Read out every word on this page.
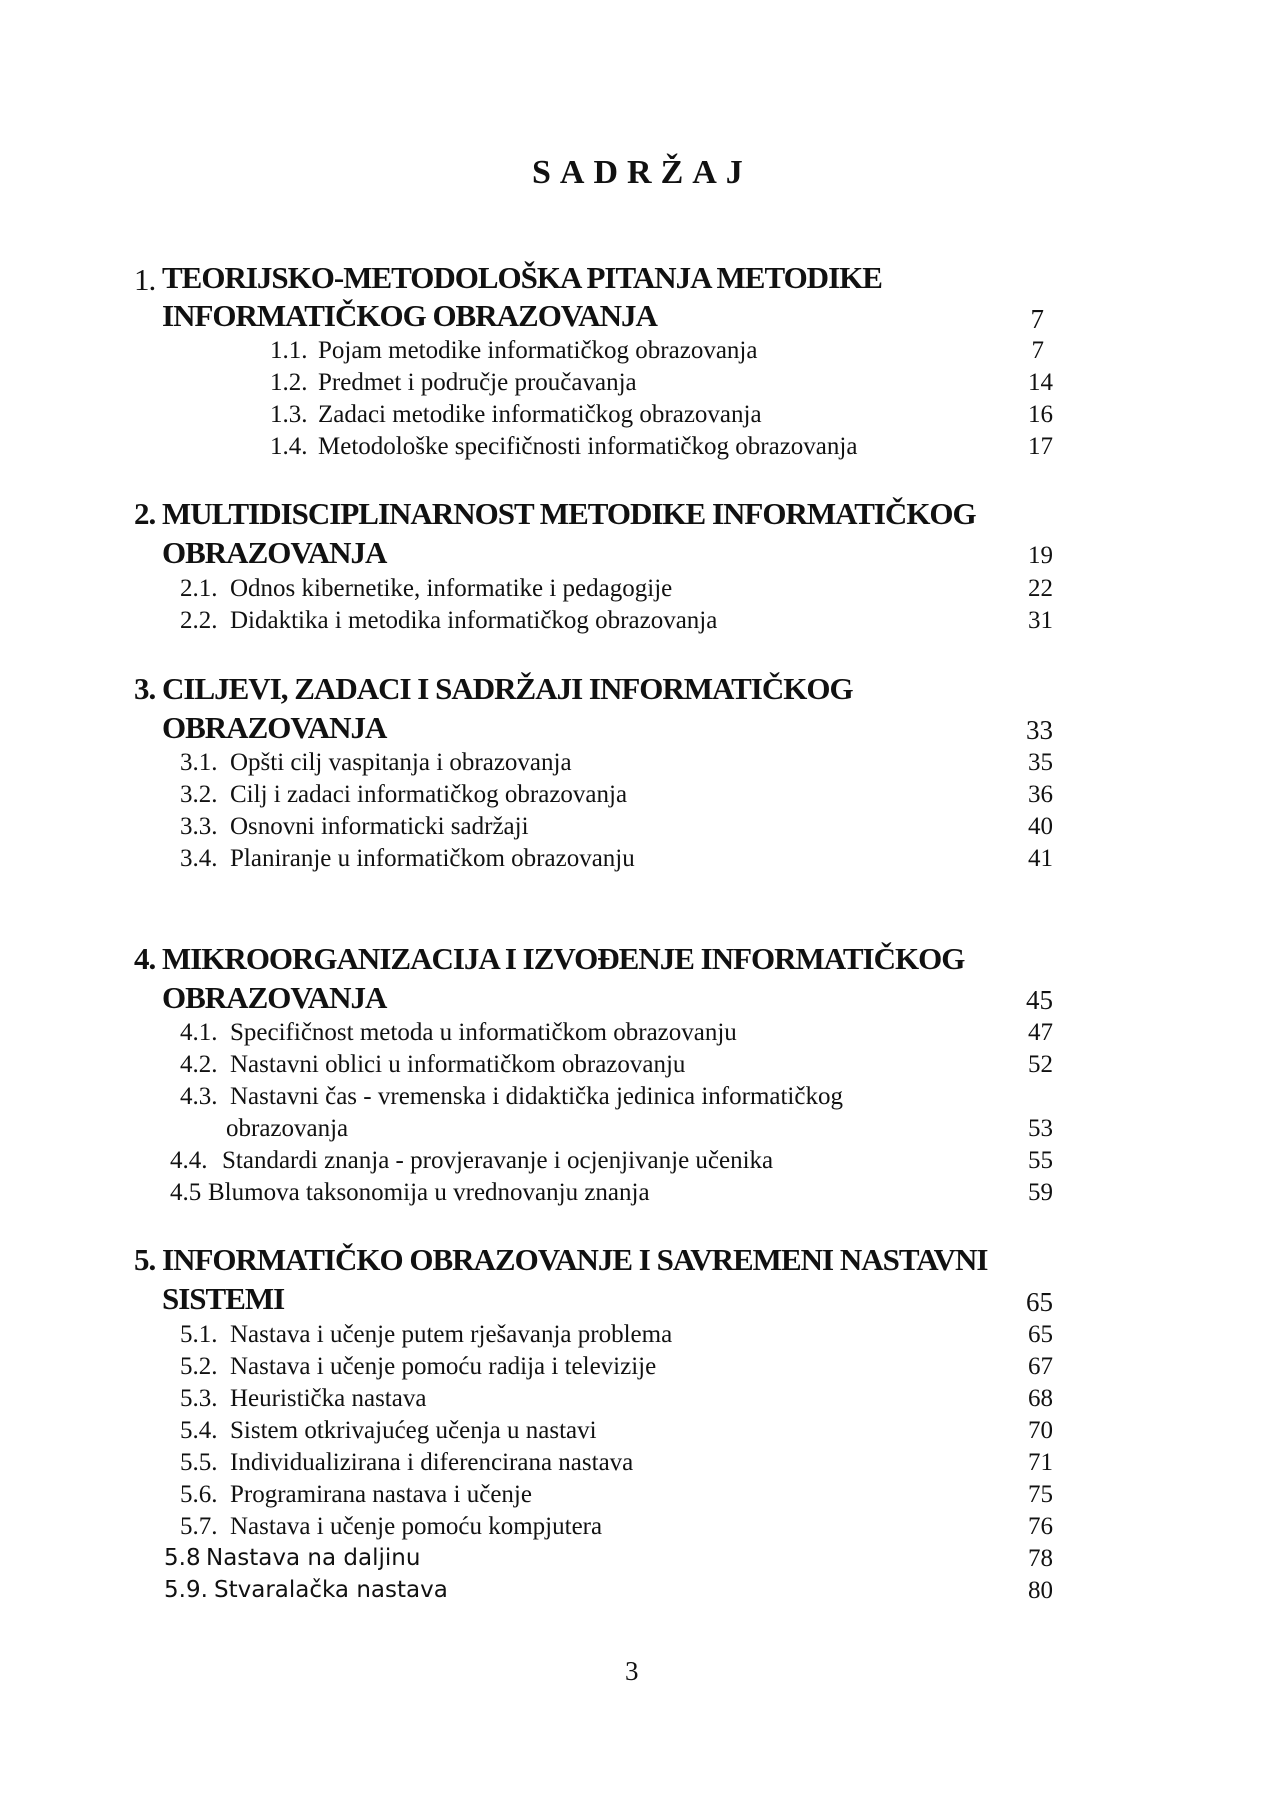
SADRŽAJ
1. TEORIJSKO-METODOLOŠKA PITANJA METODIKE
INFORMATIČKOG OBRAZOVANJA	7
1.1. Pojam metodike informatičkog obrazovanja	7
1.2. Predmet i područje proučavanja	14
1.3. Zadaci metodike informatičkog obrazovanja	16
1.4. Metodološke specifičnosti informatičkog obrazovanja	17
2. MULTIDISCIPLINARNOST METODIKE INFORMATIČKOG
OBRAZOVANJA	19
2.1. Odnos kibernetike, informatike i pedagogije	22
2.2. Didaktika i metodika informatičkog obrazovanja	31
3. CILJEVI, ZADACI I SADRŽAJI INFORMATIČKOG
OBRAZOVANJA	33
3.1. Opšti cilj vaspitanja i obrazovanja	35
3.2. Cilj i zadaci informatičkog obrazovanja	36
3.3. Osnovni informaticki sadržaji	40
3.4. Planiranje u informatičkom obrazovanju	41
4. MIKROORGANIZACIJA I IZVOĐENJE INFORMATIČKOG
OBRAZOVANJA	45
4.1. Specifičnost metoda u informatičkom obrazovanju	47
4.2. Nastavni oblici u informatičkom obrazovanju	52
4.3. Nastavni čas - vremenska i didaktička jedinica informatičkog
obrazovanja	53
4.4. Standardi znanja - provjeravanje i ocjenjivanje učenika	55
4.5 Blumova taksonomija u vrednovanju znanja	59
5. INFORMATIČKO OBRAZOVANJE I SAVREMENI NASTAVNI
SISTEMI	65
5.1. Nastava i učenje putem rješavanja problema	65
5.2. Nastava i učenje pomoću radija i televizije	67
5.3. Heuristička nastava	68
5.4. Sistem otkrivajućeg učenja u nastavi	70
5.5. Individualizirana i diferencirana nastava	71
5.6. Programirana nastava i učenje	75
5.7. Nastava i učenje pomoću kompjutera	76
5.8 Nastava na daljinu	78
5.9. Stvaralačka nastava	80
3
